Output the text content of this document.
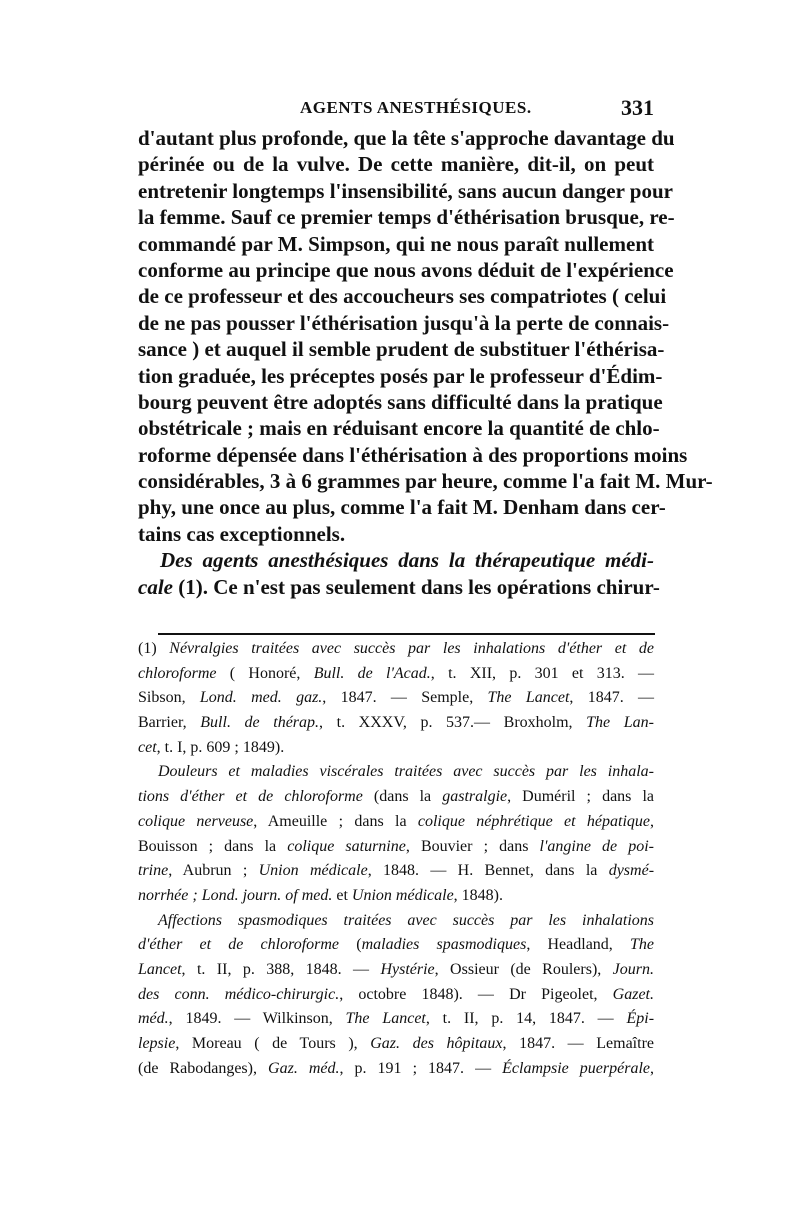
AGENTS ANESTHÉSIQUES.	331
d'autant plus profonde, que la tête s'approche davantage du
périnée ou de la vulve. De cette manière, dit-il, on peut
entretenir longtemps l'insensibilité, sans aucun danger pour
la femme. Sauf ce premier temps d'éthérisation brusque, re-
commandé par M. Simpson, qui ne nous paraît nullement
conforme au principe que nous avons déduit de l'expérience
de ce professeur et des accoucheurs ses compatriotes ( celui
de ne pas pousser l'éthérisation jusqu'à la perte de connais-
sance ) et auquel il semble prudent de substituer l'éthérisa-
tion graduée, les préceptes posés par le professeur d'Édim-
bourg peuvent être adoptés sans difficulté dans la pratique
obstétricale ; mais en réduisant encore la quantité de chlo-
roforme dépensée dans l'éthérisation à des proportions moins
considérables, 3 à 6 grammes par heure, comme l'a fait M. Mur-
phy, une once au plus, comme l'a fait M. Denham dans cer-
tains cas exceptionnels.
Des agents anesthésiques dans la thérapeutique médi-
cale (1). Ce n'est pas seulement dans les opérations chirur-
(1) Névralgies traitées avec succès par les inhalations d'éther et de
chloroforme ( Honoré, Bull. de l'Acad., t. XII, p. 301 et 313. —
Sibson, Lond. med. gaz., 1847. — Semple, The Lancet, 1847. —
Barrier, Bull. de thérap., t. XXXV, p. 537.— Broxholm, The Lan-
cet, t. I, p. 609 ; 1849).
Douleurs et maladies viscérales traitées avec succès par les inhala-
tions d'éther et de chloroforme (dans la gastralgie, Duméril ; dans la
colique nerveuse, Ameuille ; dans la colique néphrétique et hépatique,
Bouisson ; dans la colique saturnine, Bouvier ; dans l'angine de poi-
trine, Aubrun ; Union médicale, 1848. — H. Bennet, dans la dysmé-
norrhée ; Lond. journ. of med. et Union médicale, 1848).
Affections spasmodiques traitées avec succès par les inhalations
d'éther et de chloroforme (maladies spasmodiques, Headland, The
Lancet, t. II, p. 388, 1848. — Hystérie, Ossieur (de Roulers), Journ.
des conn. médico-chirurgic., octobre 1848). — Dr Pigeolet, Gazet.
méd., 1849. — Wilkinson, The Lancet, t. II, p. 14, 1847. — Épi-
lepsie, Moreau ( de Tours ), Gaz. des hôpitaux, 1847. — Lemaître
(de Rabodanges), Gaz. méd., p. 191 ; 1847. — Éclampsie puerpérale,
